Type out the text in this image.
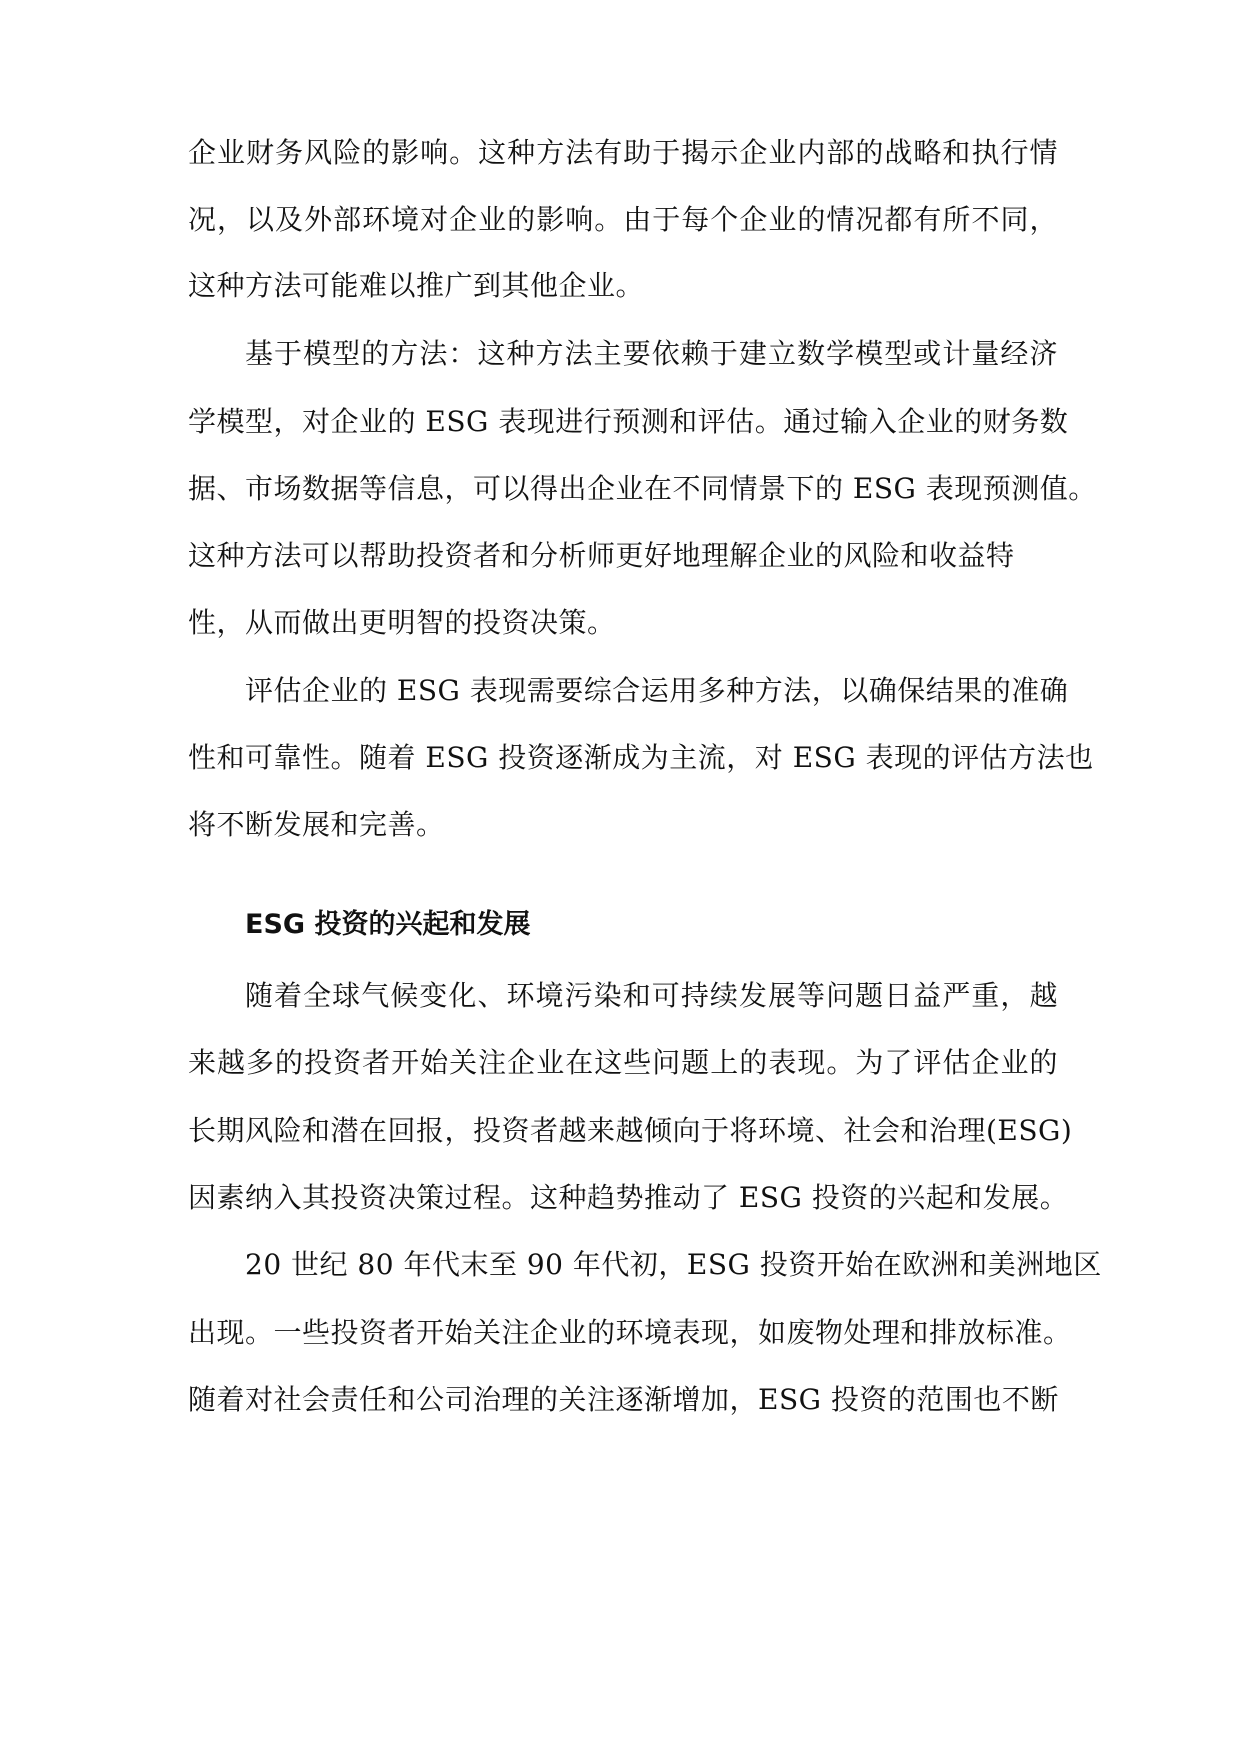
企业财务风险的影响。这种方法有助于揭示企业内部的战略和执行情
况，以及外部环境对企业的影响。由于每个企业的情况都有所不同，
这种方法可能难以推广到其他企业。
基于模型的方法：这种方法主要依赖于建立数学模型或计量经济
学模型，对企业的 ESG 表现进行预测和评估。通过输入企业的财务数
据、市场数据等信息，可以得出企业在不同情景下的 ESG 表现预测值。
这种方法可以帮助投资者和分析师更好地理解企业的风险和收益特
性，从而做出更明智的投资决策。
评估企业的 ESG 表现需要综合运用多种方法，以确保结果的准确
性和可靠性。随着 ESG 投资逐渐成为主流，对 ESG 表现的评估方法也
将不断发展和完善。
ESG 投资的兴起和发展
随着全球气候变化、环境污染和可持续发展等问题日益严重，越
来越多的投资者开始关注企业在这些问题上的表现。为了评估企业的
长期风险和潜在回报，投资者越来越倾向于将环境、社会和治理(ESG)
因素纳入其投资决策过程。这种趋势推动了 ESG 投资的兴起和发展。
20 世纪 80 年代末至 90 年代初，ESG 投资开始在欧洲和美洲地区
出现。一些投资者开始关注企业的环境表现，如废物处理和排放标准。
随着对社会责任和公司治理的关注逐渐增加，ESG 投资的范围也不断
